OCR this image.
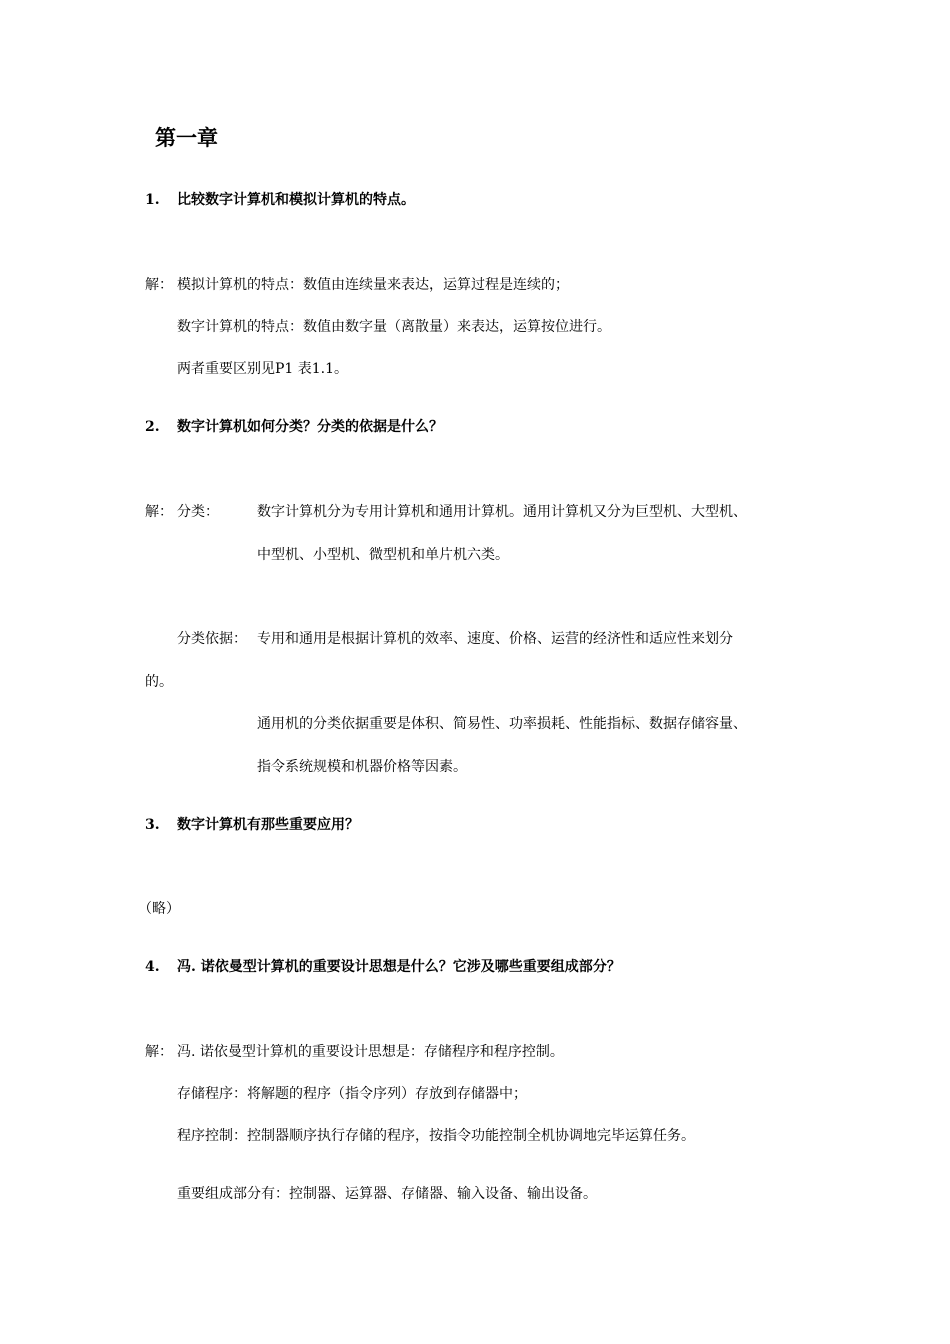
第一章
1. 比较数字计算机和模拟计算机的特点。
解： 模拟计算机的特点：数值由连续量来表达，运算过程是连续的；
数字计算机的特点：数值由数字量（离散量）来表达，运算按位进行。
两者重要区别见P1 表1.1。
2. 数字计算机如何分类？分类的依据是什么？
解： 分类：	数字计算机分为专用计算机和通用计算机。通用计算机又分为巨型机、大型机、
中型机、小型机、微型机和单片机六类。
分类依据： 专用和通用是根据计算机的效率、速度、价格、运营的经济性和适应性来划分
的。
通用机的分类依据重要是体积、简易性、功率损耗、性能指标、数据存储容量、
指令系统规模和机器价格等因素。
3. 数字计算机有那些重要应用？
（略）
4. 冯. 诺依曼型计算机的重要设计思想是什么？它涉及哪些重要组成部分？
解： 冯. 诺依曼型计算机的重要设计思想是：存储程序和程序控制。
存储程序：将解题的程序（指令序列）存放到存储器中；
程序控制：控制器顺序执行存储的程序，按指令功能控制全机协调地完毕运算任务。
重要组成部分有：控制器、运算器、存储器、输入设备、输出设备。
